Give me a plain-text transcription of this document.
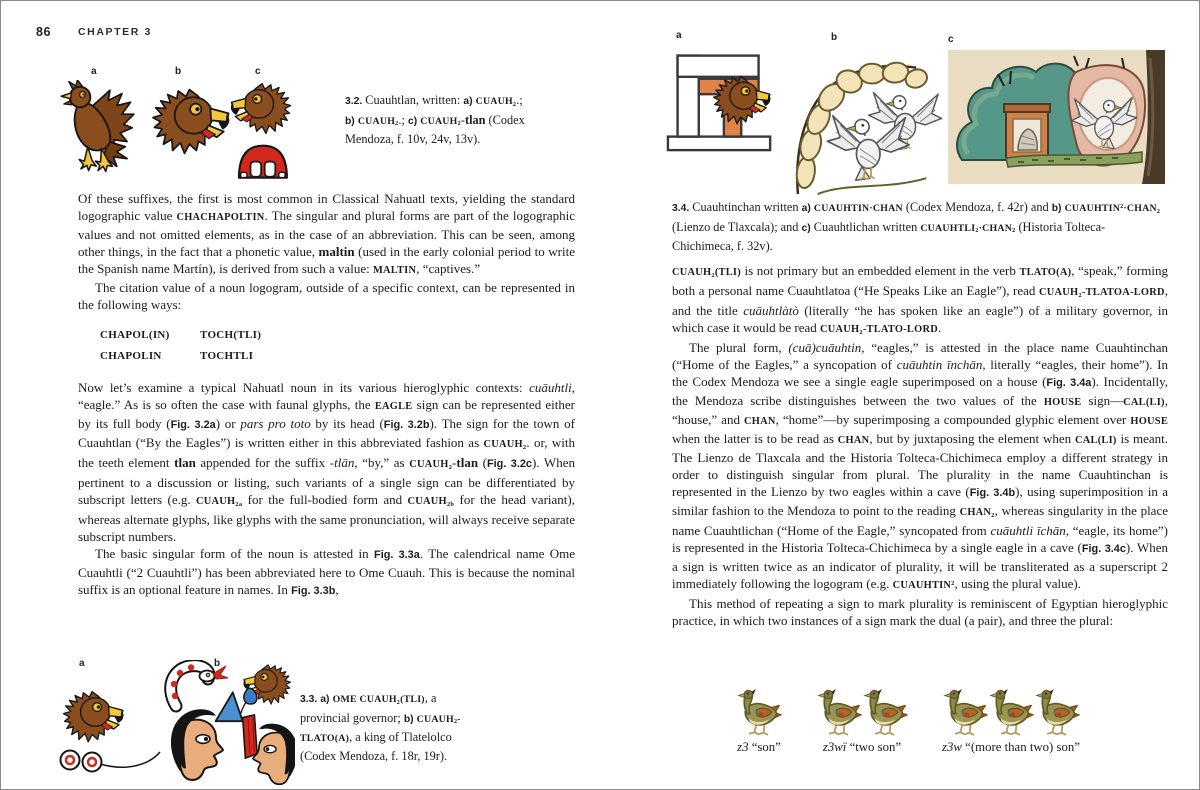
86	CHAPTER 3
a	b	c
3.2. Cuauhtlan, written: a) $CUAUH_2$.; b) $CUAUH_2$.; c) $CUAUH_2$-tlan (Codex Mendoza, f. 10v, 24v, 13v).

Of these suffixes, the first is most common in Classical Nahuatl texts, yielding the standard logographic value CHACHAPOLTIN. The singular and plural forms are part of the logographic values and not omitted elements, as in the case of an abbreviation. This can be seen, among other things, in the fact that a phonetic value, maltin (used in the early colonial period to write the Spanish name Martín), is derived from such a value: MALTIN, “captives.”

The citation value of a noun logogram, outside of a specific context, can be represented in the following ways:

CHAPOL(IN)	TOCH(TLI)
CHAPOLIN	TOCHTLI

Now let’s examine a typical Nahuatl noun in its various hieroglyphic contexts: cuāuhtli, “eagle.” As is so often the case with faunal glyphs, the EAGLE sign can be represented either by its full body (Fig. 3.2a) or pars pro toto by its head (Fig. 3.2b). The sign for the town of Cuauhtlan (“By the Eagles”) is written either in this abbreviated fashion as $CUAUH_2$. or, with the teeth element tlan appended for the suffix -tlān, “by,” as $CUAUH_2$-tlan (Fig. 3.2c). When pertinent to a discussion or listing, such variants of a single sign can be differentiated by subscript letters (e.g. $CUAUH_{2a}$ for the full-bodied form and $CUAUH_{2b}$ for the head variant), whereas alternate glyphs, like glyphs with the same pronunciation, will always receive separate subscript numbers.

The basic singular form of the noun is attested in Fig. 3.3a. The calendrical name Ome Cuauhtli (“2 Cuauhtli”) has been abbreviated here to Ome Cuauh. This is because the nominal suffix is an optional feature in names. In Fig. 3.3b,

a	b
3.3. a) OME $CUAUH_2(TLI)$, a provincial governor; b) $CUAUH_2-TLATO(A)$, a king of Tlatelolco (Codex Mendoza, f. 18r, 19r).
a	b	c
3.4. Cuauhtinchan written a) CUAUHTIN·CHAN (Codex Mendoza, f. 42r) and b) $CUAUHTIN^2\cdot CHAN_2$ (Lienzo de Tlaxcala); and c) Cuauhtlichan written $CUAUHTLI_2\cdot CHAN_2$ (Historia Tolteca-Chichimeca, f. 32v).

$CUAUH_2(TLI)$ is not primary but an embedded element in the verb TLATO(A), “speak,” forming both a personal name Cuauhtlatoa (“He Speaks Like an Eagle”), read $CUAUH_2-TLATOA$-LORD, and the title cuāuhtlàtò (literally “he has spoken like an eagle”) of a military governor, in which case it would be read $CUAUH_2-TLATO$-LORD.

The plural form, (cuā)cuāuhtin, “eagles,” is attested in the place name Cuauhtinchan (“Home of the Eagles,” a syncopation of cuāuhtin īnchān, literally “eagles, their home”). In the Codex Mendoza we see a single eagle superimposed on a house (Fig. 3.4a). Incidentally, the Mendoza scribe distinguishes between the two values of the HOUSE sign—CAL(LI), “house,” and CHAN, “home”—by superimposing a compounded glyphic element over HOUSE when the latter is to be read as CHAN, but by juxtaposing the element when CAL(LI) is meant. The Lienzo de Tlaxcala and the Historia Tolteca-Chichimeca employ a different strategy in order to distinguish singular from plural. The plurality in the name Cuauhtinchan is represented in the Lienzo by two eagles within a cave (Fig. 3.4b), using superimposition in a similar fashion to the Mendoza to point to the reading $CHAN_2$, whereas singularity in the place name Cuauhtlichan (“Home of the Eagle,” syncopated from cuāuhtli īchān, “eagle, its home”) is represented in the Historia Tolteca-Chichimeca by a single eagle in a cave (Fig. 3.4c). When a sign is written twice as an indicator of plurality, it will be transliterated as a superscript 2 immediately following the logogram (e.g. CUAUHTIN$^2$, using the plural value).

This method of repeating a sign to mark plurality is reminiscent of Egyptian hieroglyphic practice, in which two instances of a sign mark the dual (a pair), and three the plural:

z3 “son”	z3wï “two son”	z3w “(more than two) son”
